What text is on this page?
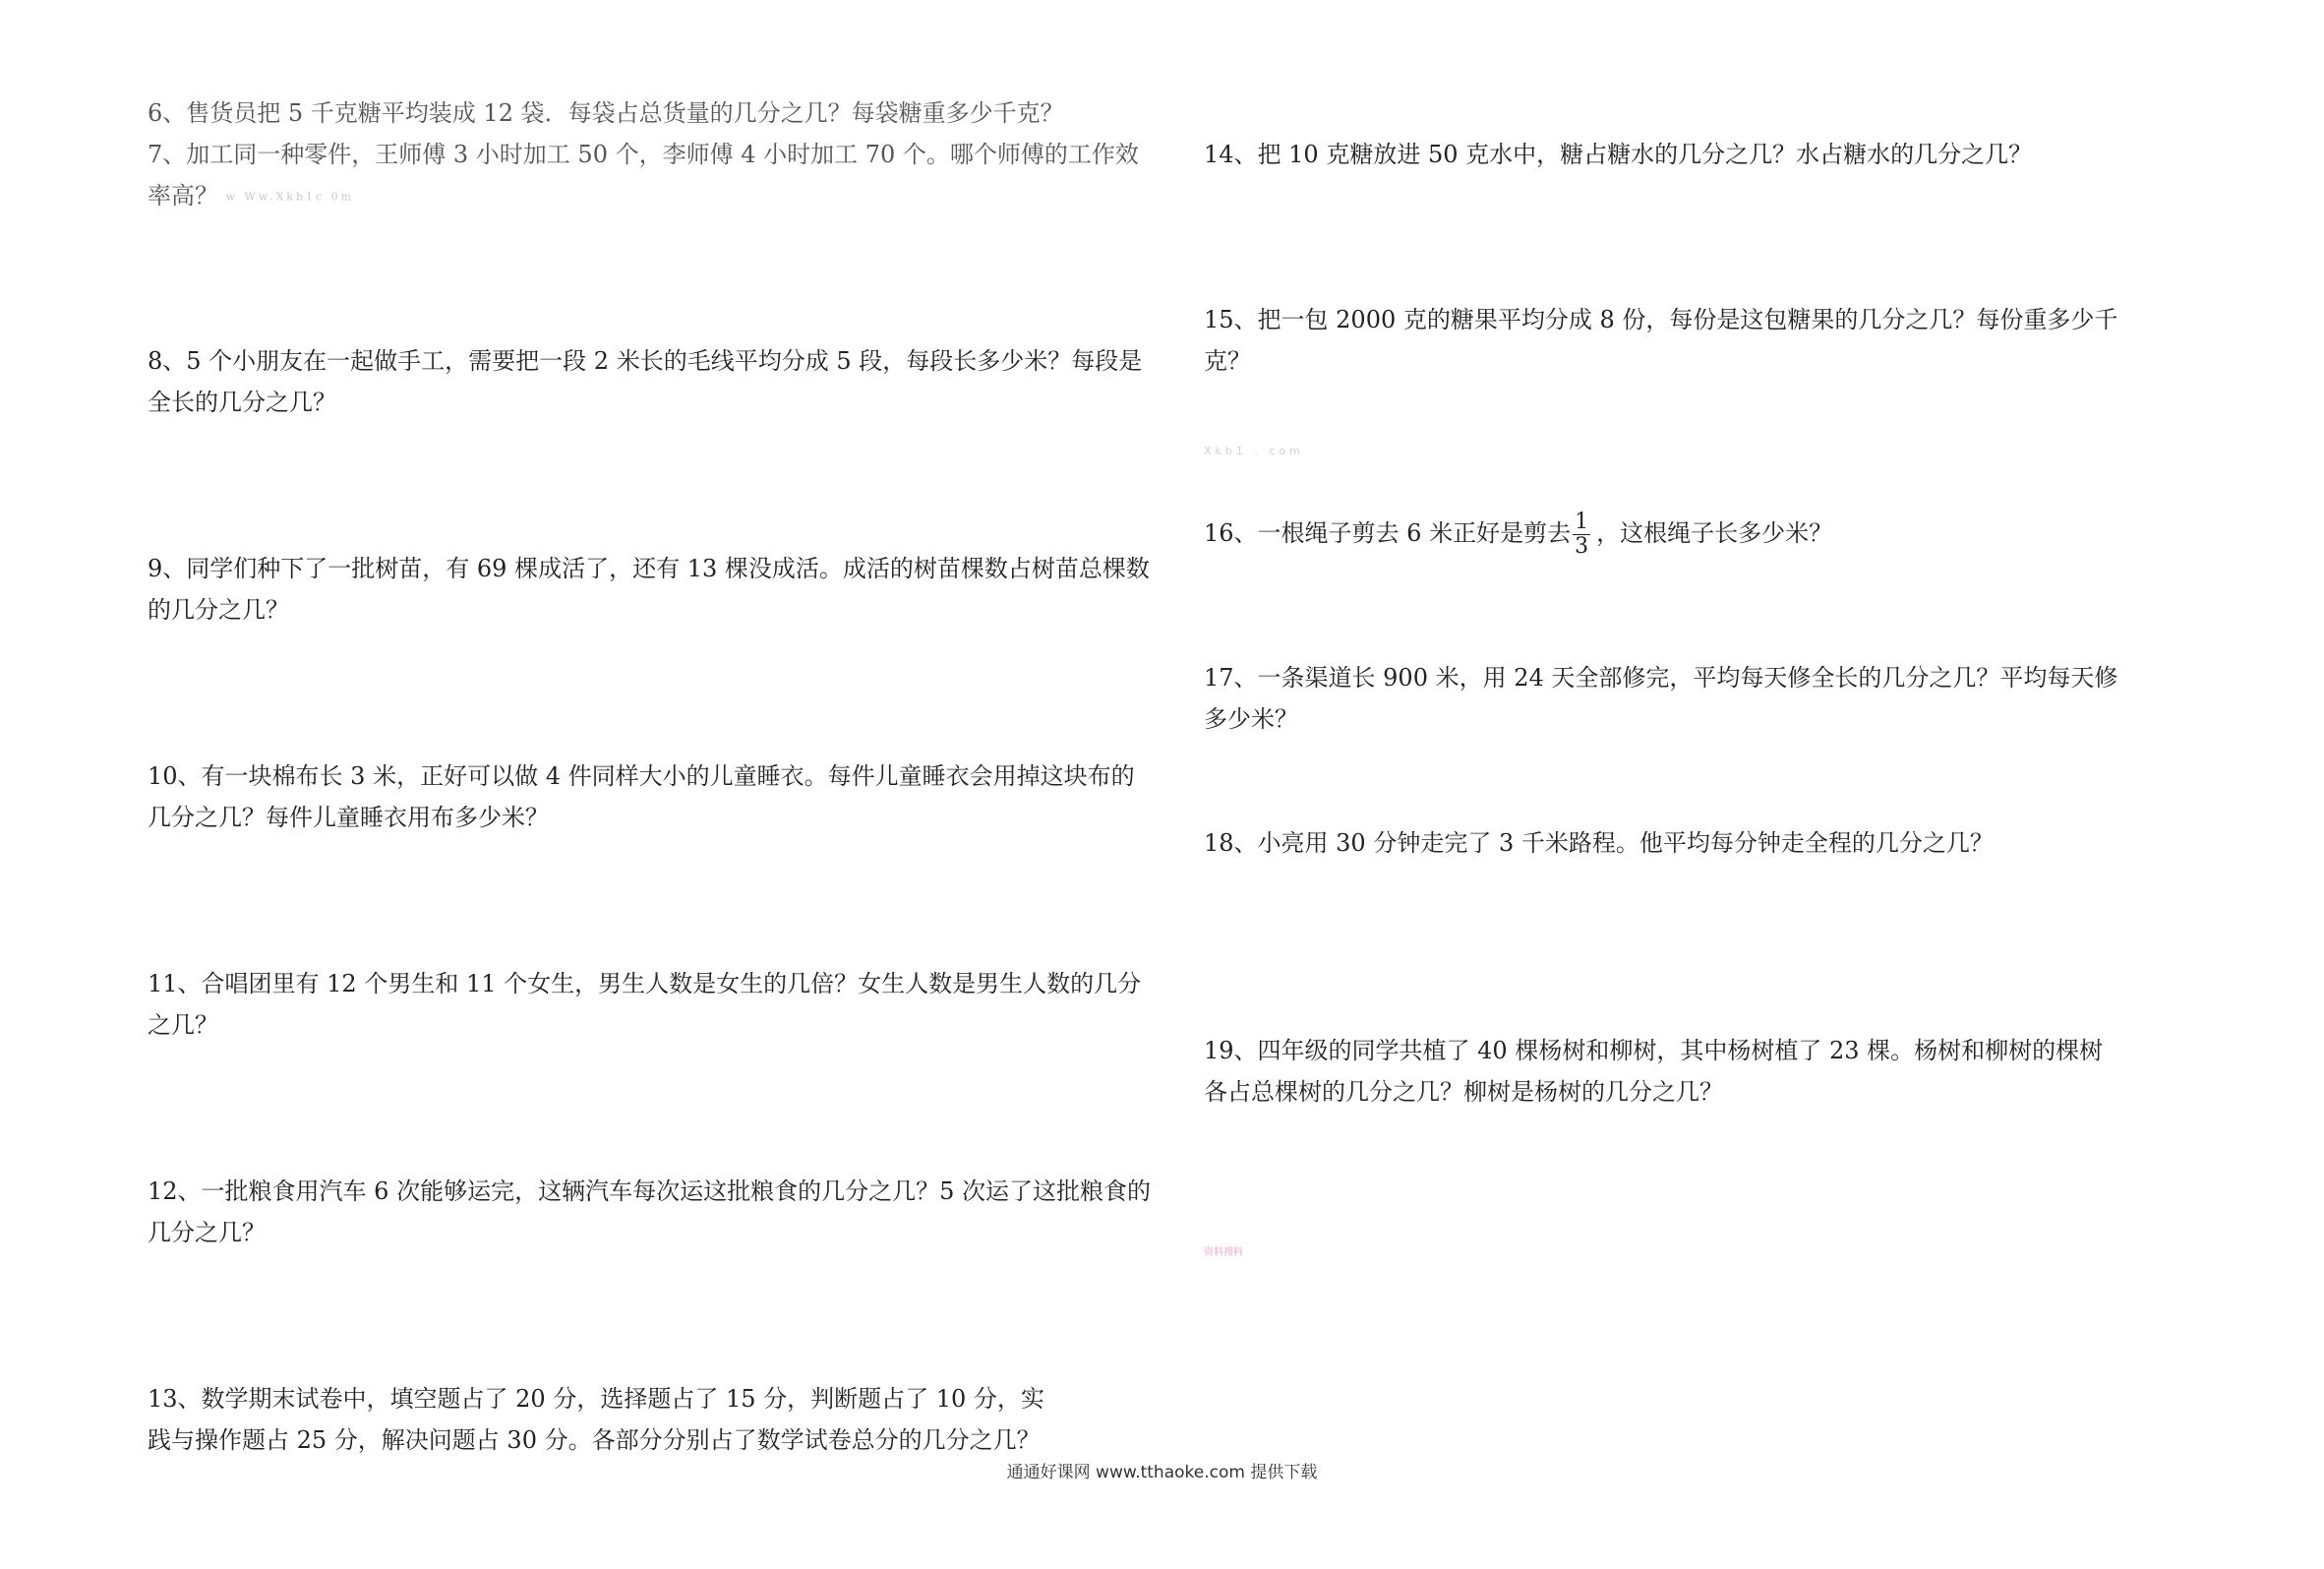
6、售货员把 5 千克糖平均装成 12 袋．每袋占总货量的几分之几？每袋糖重多少千克？

7、加工同一种零件，王师傅 3 小时加工 50 个，李师傅 4 小时加工 70 个。哪个师傅的工作效率高？ w Ww.Xkb1c 0m

8、5 个小朋友在一起做手工，需要把一段 2 米长的毛线平均分成 5 段，每段长多少米？每段是全长的几分之几？

9、同学们种下了一批树苗，有 69 棵成活了，还有 13 棵没成活。成活的树苗棵数占树苗总棵数的几分之几？

10、有一块棉布长 3 米，正好可以做 4 件同样大小的儿童睡衣。每件儿童睡衣会用掉这块布的几分之几？每件儿童睡衣用布多少米？

11、合唱团里有 12 个男生和 11 个女生，男生人数是女生的几倍？女生人数是男生人数的几分之几？

12、一批粮食用汽车 6 次能够运完，这辆汽车每次运这批粮食的几分之几？5 次运了这批粮食的几分之几？

13、数学期末试卷中，填空题占了 20 分，选择题占了 15 分，判断题占了 10 分，实
践与操作题占 25 分，解决问题占 30 分。各部分分别占了数学试卷总分的几分之几？

14、把 10 克糖放进 50 克水中，糖占糖水的几分之几？水占糖水的几分之几？

15、把一包 2000 克的糖果平均分成 8 份，每份是这包糖果的几分之几？每份重多少千克？

Xkb1 . com

16、一根绳子剪去 6 米正好是剪去 $\frac{1}{3}$ ，这根绳子长多少米？

17、一条渠道长 900 米，用 24 天全部修完，平均每天修全长的几分之几？平均每天修多少米？

18、小亮用 30 分钟走完了 3 千米路程。他平均每分钟走全程的几分之几？

19、四年级的同学共植了 40 棵杨树和柳树，其中杨树植了 23 棵。杨树和柳树的棵树各占总棵树的几分之几？柳树是杨树的几分之几？

资料搜料
通通好课网 www.tthaoke.com 提供下载
